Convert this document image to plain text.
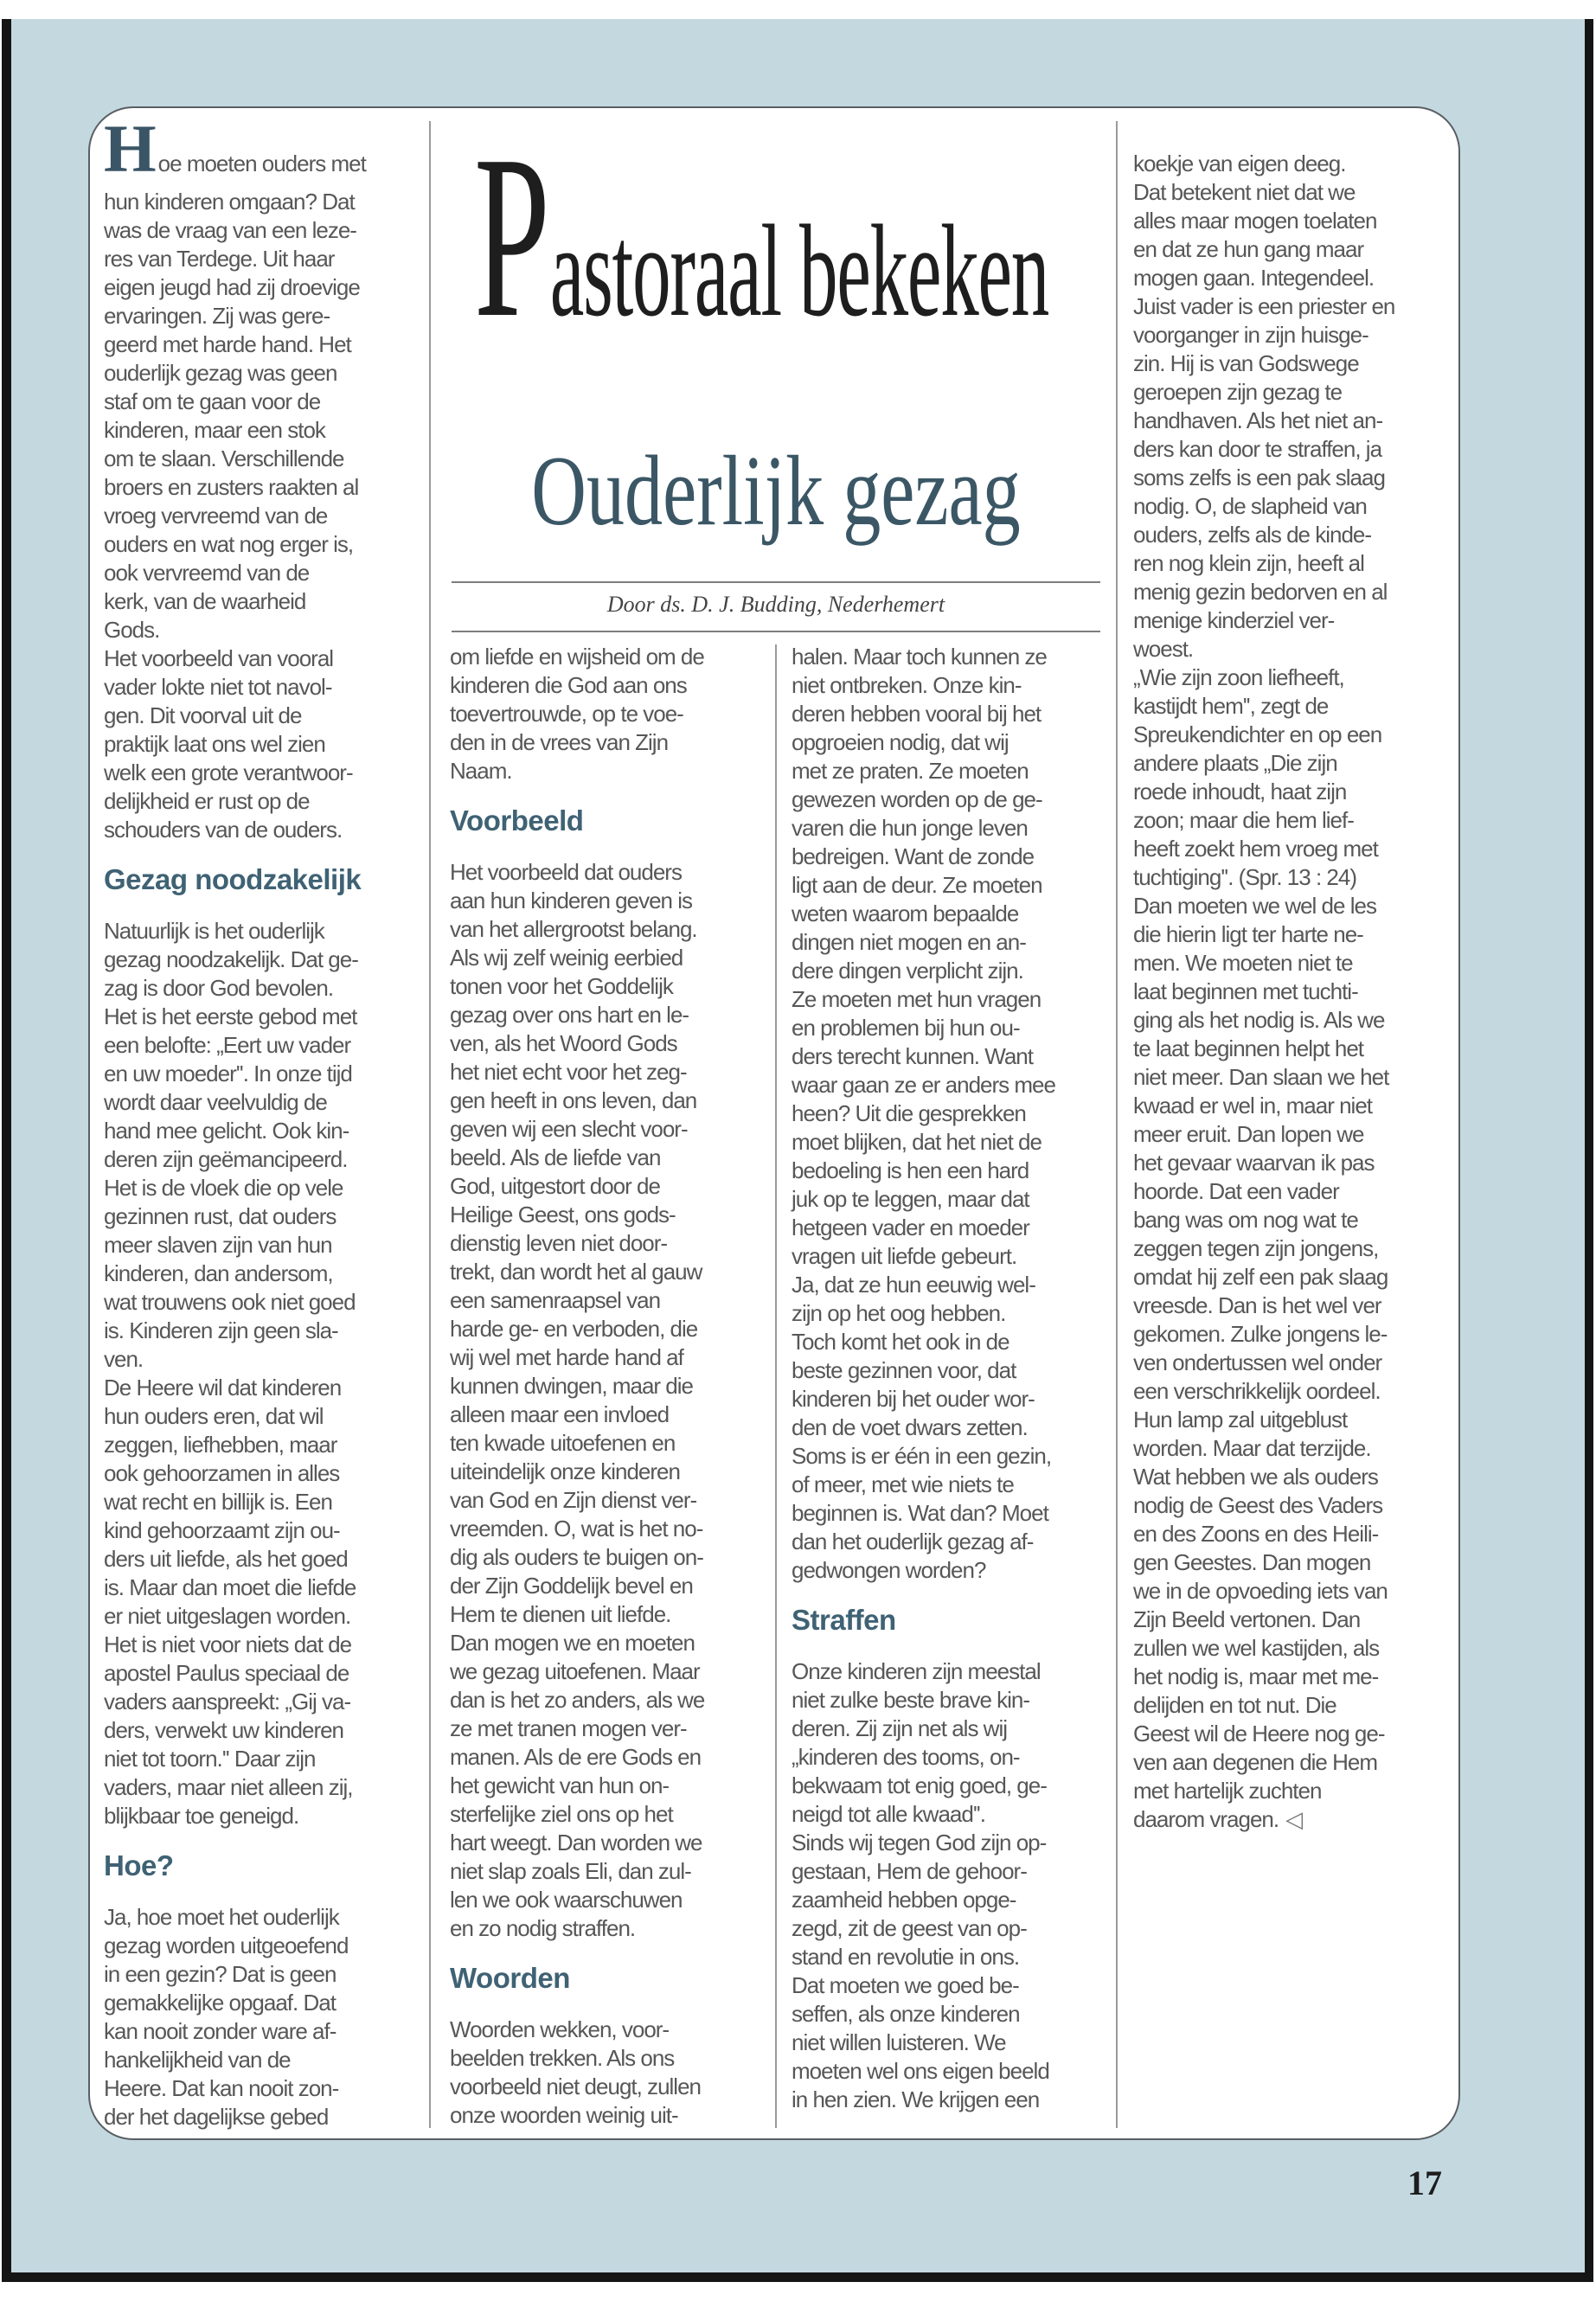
P astoraal bekeken
Ouderlijk gezag
Door ds. D. J. Budding, Nederhemert
Hoe moeten ouders met
hun kinderen omgaan? Dat
was de vraag van een leze-
res van Terdege. Uit haar
eigen jeugd had zij droevige
ervaringen. Zij was gere-
geerd met harde hand. Het
ouderlijk gezag was geen
staf om te gaan voor de
kinderen, maar een stok
om te slaan. Verschillende
broers en zusters raakten al
vroeg vervreemd van de
ouders en wat nog erger is,
ook vervreemd van de
kerk, van de waarheid
Gods.
Het voorbeeld van vooral
vader lokte niet tot navol-
gen. Dit voorval uit de
praktijk laat ons wel zien
welk een grote verantwoor-
delijkheid er rust op de
schouders van de ouders.
Gezag noodzakelijk
Natuurlijk is het ouderlijk
gezag noodzakelijk. Dat ge-
zag is door God bevolen.
Het is het eerste gebod met
een belofte: „Eert uw vader
en uw moeder''. In onze tijd
wordt daar veelvuldig de
hand mee gelicht. Ook kin-
deren zijn geëmancipeerd.
Het is de vloek die op vele
gezinnen rust, dat ouders
meer slaven zijn van hun
kinderen, dan andersom,
wat trouwens ook niet goed
is. Kinderen zijn geen sla-
ven.
De Heere wil dat kinderen
hun ouders eren, dat wil
zeggen, liefhebben, maar
ook gehoorzamen in alles
wat recht en billijk is. Een
kind gehoorzaamt zijn ou-
ders uit liefde, als het goed
is. Maar dan moet die liefde
er niet uitgeslagen worden.
Het is niet voor niets dat de
apostel Paulus speciaal de
vaders aanspreekt: „Gij va-
ders, verwekt uw kinderen
niet tot toorn.'' Daar zijn
vaders, maar niet alleen zij,
blijkbaar toe geneigd.
Hoe?
Ja, hoe moet het ouderlijk
gezag worden uitgeoefend
in een gezin? Dat is geen
gemakkelijke opgaaf. Dat
kan nooit zonder ware af-
hankelijkheid van de
Heere. Dat kan nooit zon-
der het dagelijkse gebed
om liefde en wijsheid om de
kinderen die God aan ons
toevertrouwde, op te voe-
den in de vrees van Zijn
Naam.
Voorbeeld
Het voorbeeld dat ouders
aan hun kinderen geven is
van het allergrootst belang.
Als wij zelf weinig eerbied
tonen voor het Goddelijk
gezag over ons hart en le-
ven, als het Woord Gods
het niet echt voor het zeg-
gen heeft in ons leven, dan
geven wij een slecht voor-
beeld. Als de liefde van
God, uitgestort door de
Heilige Geest, ons gods-
dienstig leven niet door-
trekt, dan wordt het al gauw
een samenraapsel van
harde ge- en verboden, die
wij wel met harde hand af
kunnen dwingen, maar die
alleen maar een invloed
ten kwade uitoefenen en
uiteindelijk onze kinderen
van God en Zijn dienst ver-
vreemden. O, wat is het no-
dig als ouders te buigen on-
der Zijn Goddelijk bevel en
Hem te dienen uit liefde.
Dan mogen we en moeten
we gezag uitoefenen. Maar
dan is het zo anders, als we
ze met tranen mogen ver-
manen. Als de ere Gods en
het gewicht van hun on-
sterfelijke ziel ons op het
hart weegt. Dan worden we
niet slap zoals Eli, dan zul-
len we ook waarschuwen
en zo nodig straffen.
Woorden
Woorden wekken, voor-
beelden trekken. Als ons
voorbeeld niet deugt, zullen
onze woorden weinig uit-
halen. Maar toch kunnen ze
niet ontbreken. Onze kin-
deren hebben vooral bij het
opgroeien nodig, dat wij
met ze praten. Ze moeten
gewezen worden op de ge-
varen die hun jonge leven
bedreigen. Want de zonde
ligt aan de deur. Ze moeten
weten waarom bepaalde
dingen niet mogen en an-
dere dingen verplicht zijn.
Ze moeten met hun vragen
en problemen bij hun ou-
ders terecht kunnen. Want
waar gaan ze er anders mee
heen? Uit die gesprekken
moet blijken, dat het niet de
bedoeling is hen een hard
juk op te leggen, maar dat
hetgeen vader en moeder
vragen uit liefde gebeurt.
Ja, dat ze hun eeuwig wel-
zijn op het oog hebben.
Toch komt het ook in de
beste gezinnen voor, dat
kinderen bij het ouder wor-
den de voet dwars zetten.
Soms is er één in een gezin,
of meer, met wie niets te
beginnen is. Wat dan? Moet
dan het ouderlijk gezag af-
gedwongen worden?
Straffen
Onze kinderen zijn meestal
niet zulke beste brave kin-
deren. Zij zijn net als wij
„kinderen des tooms, on-
bekwaam tot enig goed, ge-
neigd tot alle kwaad''.
Sinds wij tegen God zijn op-
gestaan, Hem de gehoor-
zaamheid hebben opge-
zegd, zit de geest van op-
stand en revolutie in ons.
Dat moeten we goed be-
seffen, als onze kinderen
niet willen luisteren. We
moeten wel ons eigen beeld
in hen zien. We krijgen een
koekje van eigen deeg.
Dat betekent niet dat we
alles maar mogen toelaten
en dat ze hun gang maar
mogen gaan. Integendeel.
Juist vader is een priester en
voorganger in zijn huisge-
zin. Hij is van Godswege
geroepen zijn gezag te
handhaven. Als het niet an-
ders kan door te straffen, ja
soms zelfs is een pak slaag
nodig. O, de slapheid van
ouders, zelfs als de kinde-
ren nog klein zijn, heeft al
menig gezin bedorven en al
menige kinderziel ver-
woest.
„Wie zijn zoon liefheeft,
kastijdt hem'', zegt de
Spreukendichter en op een
andere plaats „Die zijn
roede inhoudt, haat zijn
zoon; maar die hem lief-
heeft zoekt hem vroeg met
tuchtiging''. (Spr. 13 : 24)
Dan moeten we wel de les
die hierin ligt ter harte ne-
men. We moeten niet te
laat beginnen met tuchti-
ging als het nodig is. Als we
te laat beginnen helpt het
niet meer. Dan slaan we het
kwaad er wel in, maar niet
meer eruit. Dan lopen we
het gevaar waarvan ik pas
hoorde. Dat een vader
bang was om nog wat te
zeggen tegen zijn jongens,
omdat hij zelf een pak slaag
vreesde. Dan is het wel ver
gekomen. Zulke jongens le-
ven ondertussen wel onder
een verschrikkelijk oordeel.
Hun lamp zal uitgeblust
worden. Maar dat terzijde.
Wat hebben we als ouders
nodig de Geest des Vaders
en des Zoons en des Heili-
gen Geestes. Dan mogen
we in de opvoeding iets van
Zijn Beeld vertonen. Dan
zullen we wel kastijden, als
het nodig is, maar met me-
delijden en tot nut. Die
Geest wil de Heere nog ge-
ven aan degenen die Hem
met hartelijk zuchten
daarom vragen. ◁
17
